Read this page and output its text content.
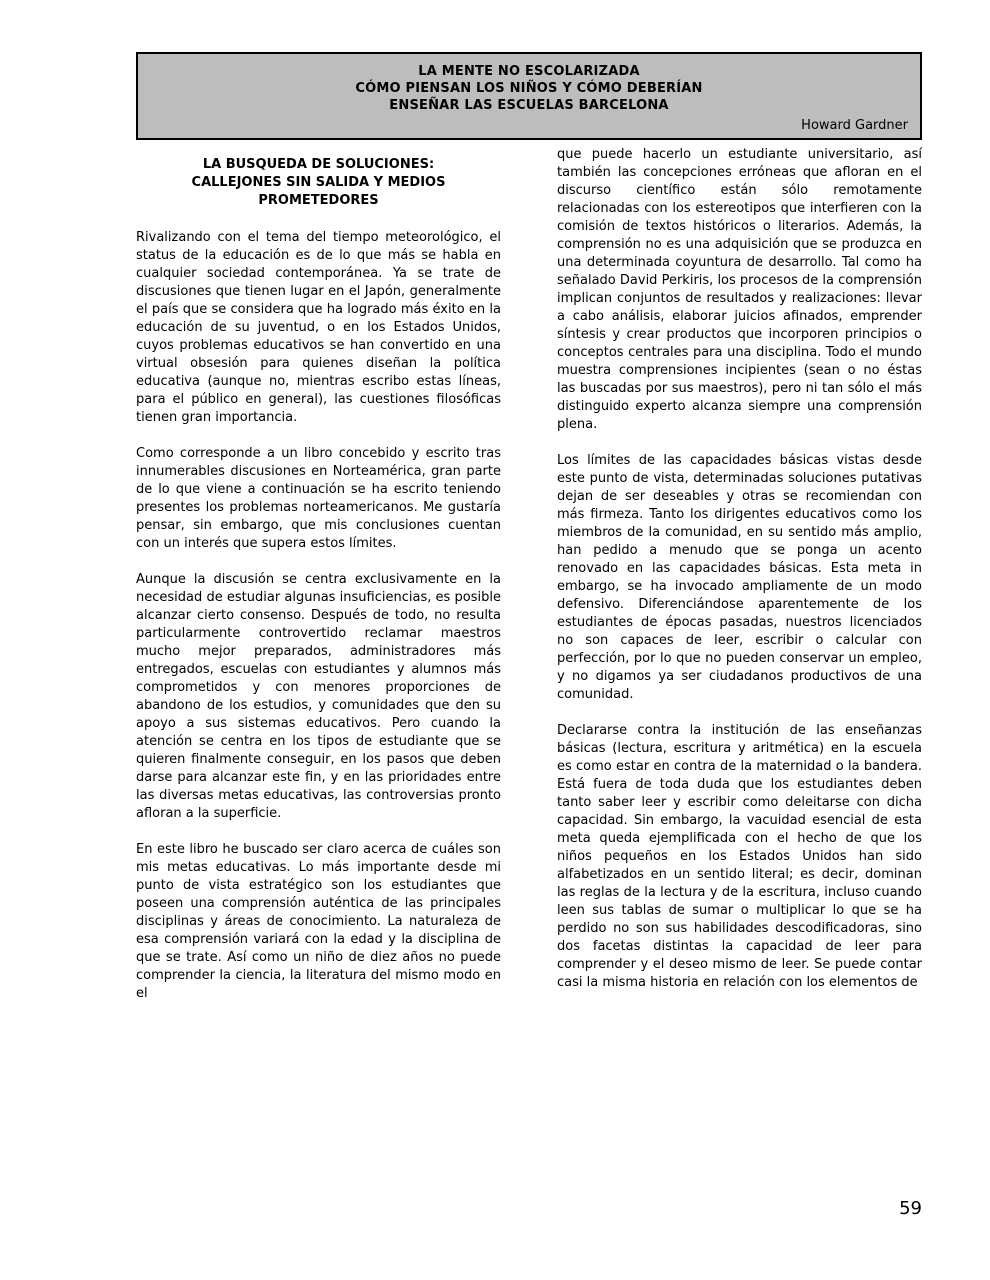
LA MENTE NO ESCOLARIZADA
CÓMO PIENSAN LOS NIÑOS Y CÓMO DEBERÍAN
ENSEÑAR LAS ESCUELAS BARCELONA
Howard Gardner
LA BUSQUEDA DE SOLUCIONES:
CALLEJONES SIN SALIDA Y MEDIOS
PROMETEDORES

Rivalizando con el tema del tiempo meteorológico, el status de la educación es de lo que más se habla en cualquier sociedad contemporánea. Ya se trate de discusiones que tienen lugar en el Japón, generalmente el país que se considera que ha logrado más éxito en la educación de su juventud, o en los Estados Unidos, cuyos problemas educativos se han convertido en una virtual obsesión para quienes diseñan la política educativa (aunque no, mientras escribo estas líneas, para el público en general), las cuestiones filosóficas tienen gran importancia.

Como corresponde a un libro concebido y escrito tras innumerables discusiones en Norteamérica, gran parte de lo que viene a continuación se ha escrito teniendo presentes los problemas norteamericanos. Me gustaría pensar, sin embargo, que mis conclusiones cuentan con un interés que supera estos límites.

Aunque la discusión se centra exclusivamente en la necesidad de estudiar algunas insuficiencias, es posible alcanzar cierto consenso. Después de todo, no resulta particularmente controvertido reclamar maestros mucho mejor preparados, administradores más entregados, escuelas con estudiantes y alumnos más comprometidos y con menores proporciones de abandono de los estudios, y comunidades que den su apoyo a sus sistemas educativos. Pero cuando la atención se centra en los tipos de estudiante que se quieren finalmente conseguir, en los pasos que deben darse para alcanzar este fin, y en las prioridades entre las diversas metas educativas, las controversias pronto afloran a la superficie.

En este libro he buscado ser claro acerca de cuáles son mis metas educativas. Lo más importante desde mi punto de vista estratégico son los estudiantes que poseen una comprensión auténtica de las principales disciplinas y áreas de conocimiento. La naturaleza de esa comprensión variará con la edad y la disciplina de que se trate. Así como un niño de diez años no puede comprender la ciencia, la literatura del mismo modo en el

que puede hacerlo un estudiante universitario, así también las concepciones erróneas que afloran en el discurso científico están sólo remotamente relacionadas con los estereotipos que interfieren con la comisión de textos históricos o literarios. Además, la comprensión no es una adquisición que se produzca en una determinada coyuntura de desarrollo. Tal como ha señalado David Perkiris, los procesos de la comprensión implican conjuntos de resultados y realizaciones: llevar a cabo análisis, elaborar juicios afinados, emprender síntesis y crear productos que incorporen principios o conceptos centrales para una disciplina. Todo el mundo muestra comprensiones incipientes (sean o no éstas las buscadas por sus maestros), pero ni tan sólo el más distinguido experto alcanza siempre una comprensión plena.

Los límites de las capacidades básicas vistas desde este punto de vista, determinadas soluciones putativas dejan de ser deseables y otras se recomiendan con más firmeza. Tanto los dirigentes educativos como los miembros de la comunidad, en su sentido más amplio, han pedido a menudo que se ponga un acento renovado en las capacidades básicas. Esta meta in embargo, se ha invocado ampliamente de un modo defensivo. Diferenciándose aparentemente de los estudiantes de épocas pasadas, nuestros licenciados no son capaces de leer, escribir o calcular con perfección, por lo que no pueden conservar un empleo, y no digamos ya ser ciudadanos productivos de una comunidad.

Declararse contra la institución de las enseñanzas básicas (lectura, escritura y aritmética) en la escuela es como estar en contra de la maternidad o la bandera. Está fuera de toda duda que los estudiantes deben tanto saber leer y escribir como deleitarse con dicha capacidad. Sin embargo, la vacuidad esencial de esta meta queda ejemplificada con el hecho de que los niños pequeños en los Estados Unidos han sido alfabetizados en un sentido literal; es decir, dominan las reglas de la lectura y de la escritura, incluso cuando leen sus tablas de sumar o multiplicar lo que se ha perdido no son sus habilidades descodificadoras, sino dos facetas distintas la capacidad de leer para comprender y el deseo mismo de leer. Se puede contar casi la misma historia en relación con los elementos de

59
